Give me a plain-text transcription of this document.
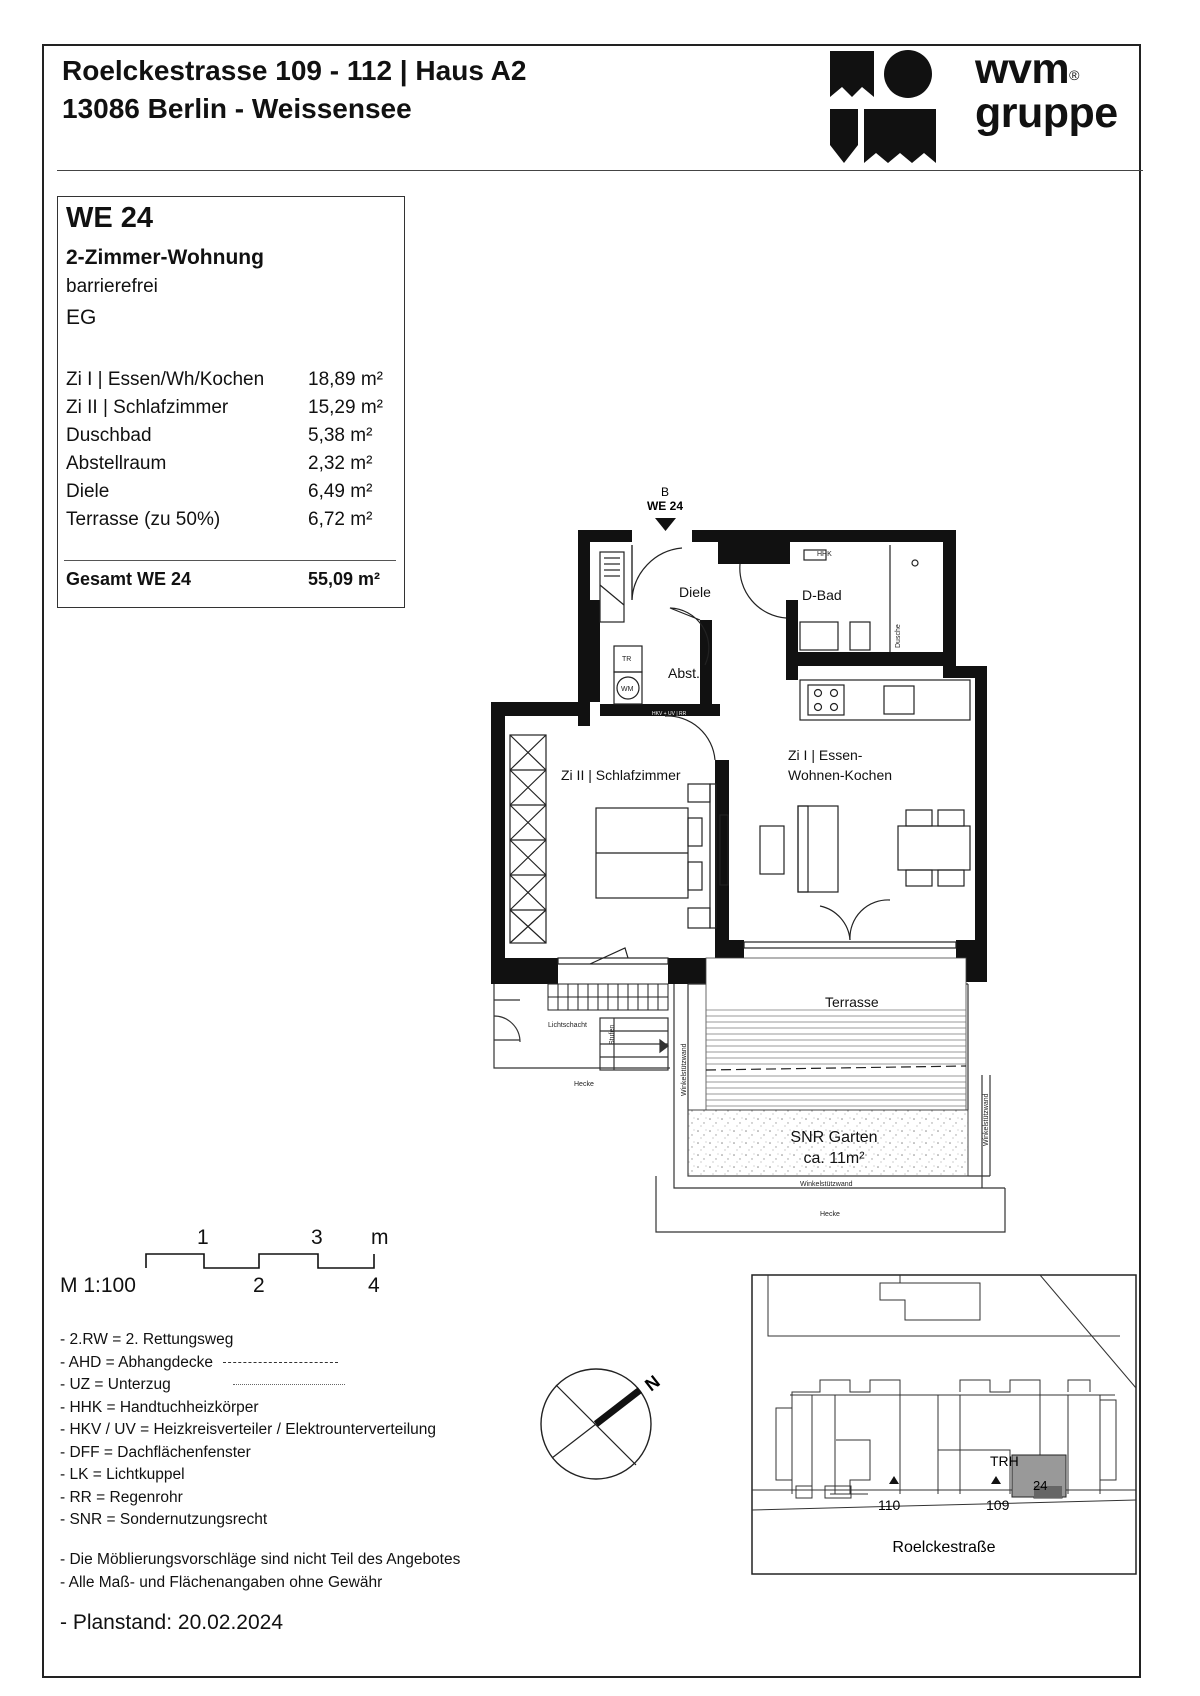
Roelckestrasse 109 - 112 | Haus A2
13086 Berlin - Weissensee
wvm®
gruppe
WE 24
2-Zimmer-Wohnung
barrierefrei
EG
Zi I | Essen/Wh/Kochen 18,89 m²
Zi II | Schlafzimmer	15,29 m²
Duschbad	5,38 m²
Abstellraum	2,32 m²
Diele	6,49 m²
Terrasse (zu 50%)	6,72 m²
Gesamt WE 24	55,09 m²
B
WE 24
Diele	D-Bad
Abst.
Zi II | Schlafzimmer
Zi I | Essen-
Wohnen-Kochen
Terrasse
SNR Garten
ca. 11m²
HHK
Dusche
TR
WM
HKV + UV | RR
Lichtschacht	Stufen
Hecke	Winkelstützwand
Winkelstützwand
Winkelstützwand
Hecke
N
TRH
24
110	109
Roelckestraße
1	3 m
M 1:100	2	4
- 2.RW = 2. Rettungsweg
- AHD = Abhangdecke
- UZ = Unterzug
- HHK = Handtuchheizkörper
- HKV / UV = Heizkreisverteiler / Elektrounterverteilung
- DFF = Dachflächenfenster
- LK = Lichtkuppel
- RR = Regenrohr
- SNR = Sondernutzungsrecht
- Die Möblierungsvorschläge sind nicht Teil des Angebotes
- Alle Maß- und Flächenangaben ohne Gewähr
- Planstand: 20.02.2024
